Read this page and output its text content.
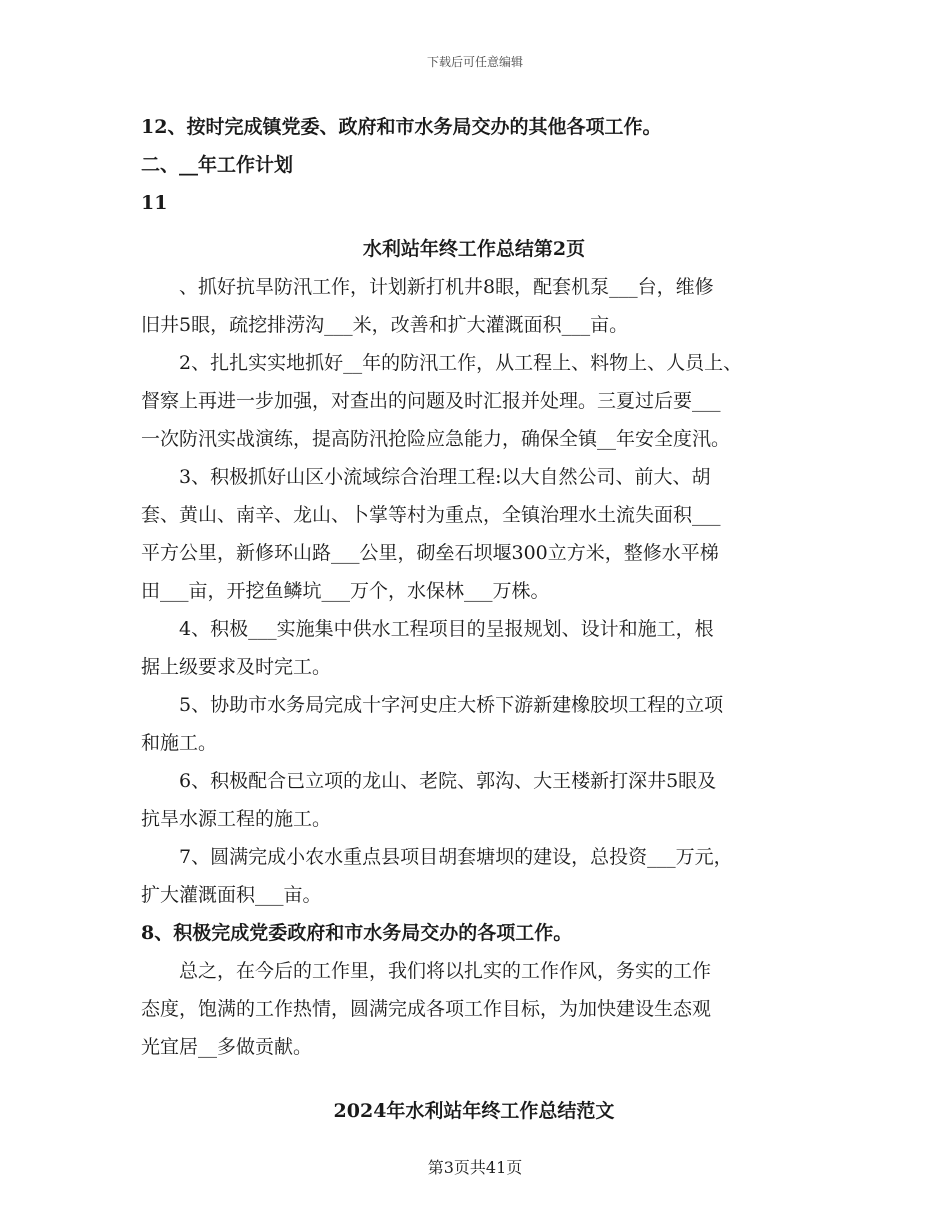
下载后可任意编辑

12、按时完成镇党委、政府和市水务局交办的其他各项工作。

二、__年工作计划

11

水利站年终工作总结第2页

　　、抓好抗旱防汛工作，计划新打机井8眼，配套机泵___台，维修

旧井5眼，疏挖排涝沟___米，改善和扩大灌溉面积___亩。

　　2、扎扎实实地抓好__年的防汛工作，从工程上、料物上、人员上、

督察上再进一步加强，对查出的问题及时汇报并处理。三夏过后要___

一次防汛实战演练，提高防汛抢险应急能力，确保全镇__年安全度汛。

　　3、积极抓好山区小流域综合治理工程:以大自然公司、前大、胡

套、黄山、南辛、龙山、卜掌等村为重点，全镇治理水土流失面积___

平方公里，新修环山路___公里，砌垒石坝堰300立方米，整修水平梯

田___亩，开挖鱼鳞坑___万个，水保林___万株。

　　4、积极___实施集中供水工程项目的呈报规划、设计和施工，根

据上级要求及时完工。

　　5、协助市水务局完成十字河史庄大桥下游新建橡胶坝工程的立项

和施工。

　　6、积极配合已立项的龙山、老院、郭沟、大王楼新打深井5眼及

抗旱水源工程的施工。

　　7、圆满完成小农水重点县项目胡套塘坝的建设，总投资___万元，

扩大灌溉面积___亩。

8、积极完成党委政府和市水务局交办的各项工作。

　　总之，在今后的工作里，我们将以扎实的工作作风，务实的工作

态度，饱满的工作热情，圆满完成各项工作目标，为加快建设生态观

光宜居__多做贡献。

2024年水利站年终工作总结范文

第3页共41页
